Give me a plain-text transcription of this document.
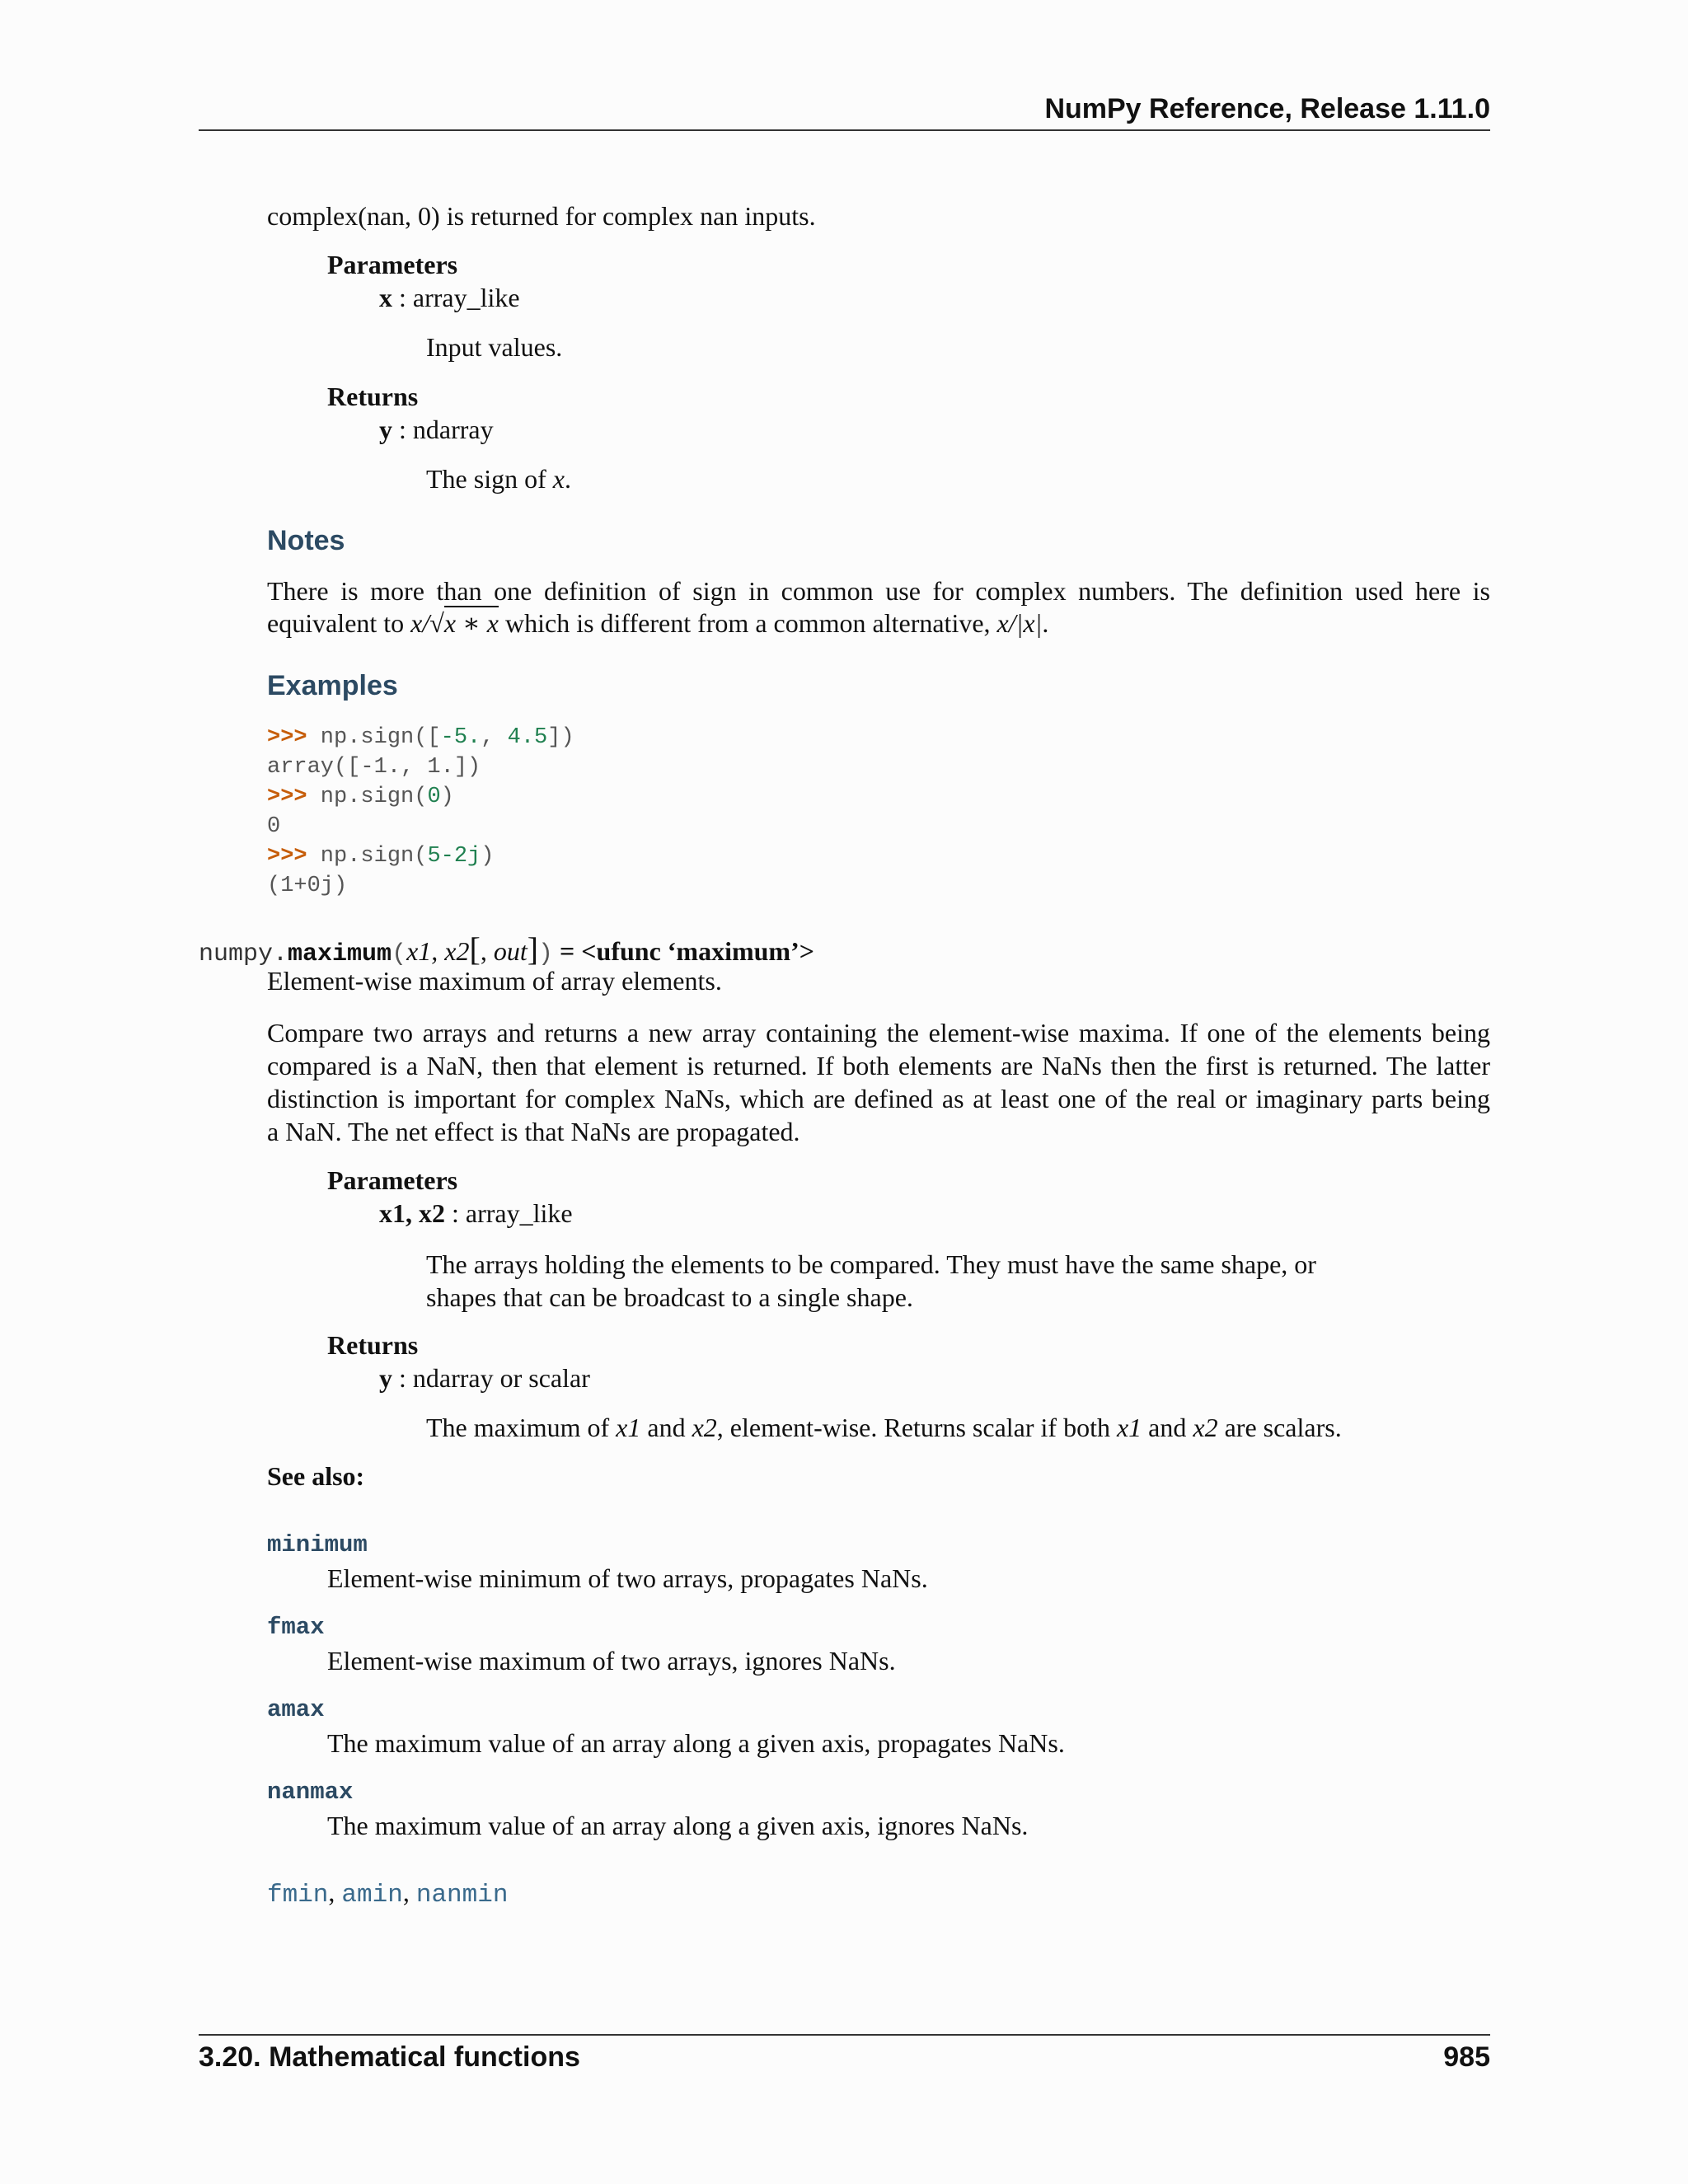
NumPy Reference, Release 1.11.0
complex(nan, 0) is returned for complex nan inputs.
Parameters
x : array_like
Input values.
Returns
y : ndarray
The sign of x.
Notes
There is more than one definition of sign in common use for complex numbers. The definition used here is
equivalent to x/√x ∗ x which is different from a common alternative, x/|x|.
Examples
>>> np.sign([-5., 4.5])
array([-1., 1.])
>>> np.sign(0)
0
>>> np.sign(5-2j)
(1+0j)
numpy.maximum(x1, x2[, out]) = <ufunc ‘maximum’>
Element-wise maximum of array elements.
Compare two arrays and returns a new array containing the element-wise maxima. If one of the elements being
compared is a NaN, then that element is returned. If both elements are NaNs then the first is returned. The latter
distinction is important for complex NaNs, which are defined as at least one of the real or imaginary parts being
a NaN. The net effect is that NaNs are propagated.
Parameters
x1, x2 : array_like
The arrays holding the elements to be compared. They must have the same shape, or
shapes that can be broadcast to a single shape.
Returns
y : ndarray or scalar
The maximum of x1 and x2, element-wise. Returns scalar if both x1 and x2 are scalars.
See also:
minimum
Element-wise minimum of two arrays, propagates NaNs.
fmax
Element-wise maximum of two arrays, ignores NaNs.
amax
The maximum value of an array along a given axis, propagates NaNs.
nanmax
The maximum value of an array along a given axis, ignores NaNs.
fmin, amin, nanmin
3.20. Mathematical functions	985
